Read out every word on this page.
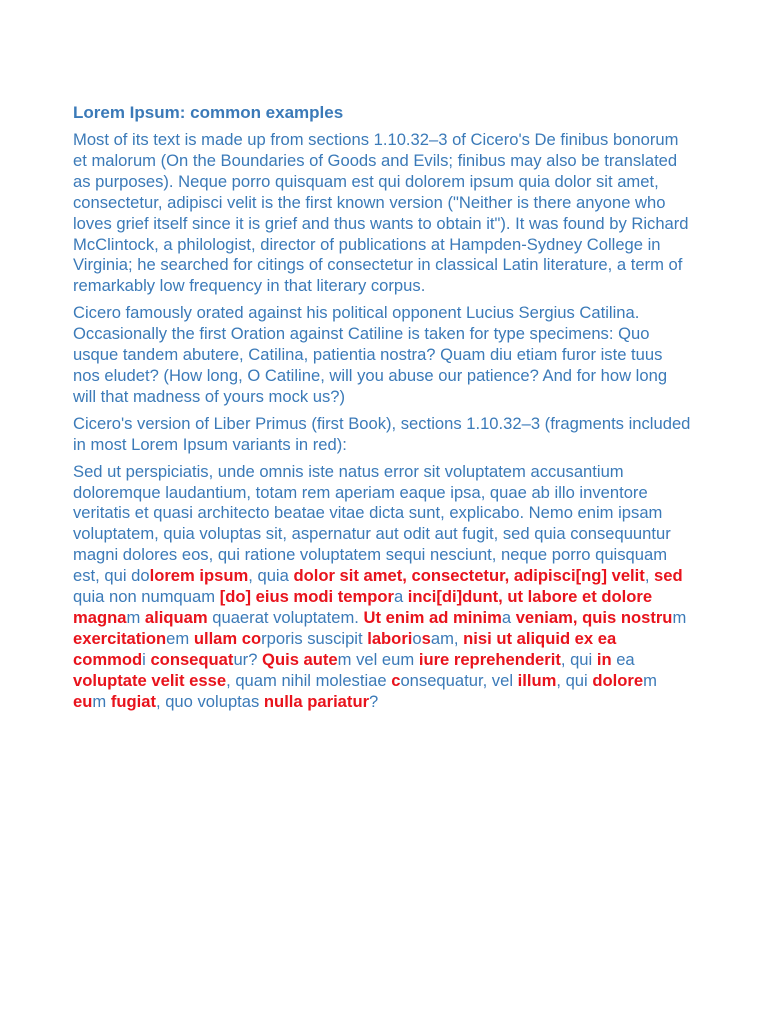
Lorem Ipsum: common examples

Most of its text is made up from sections 1.10.32–3 of Cicero's De finibus bonorum et malorum (On the Boundaries of Goods and Evils; finibus may also be translated as purposes). Neque porro quisquam est qui dolorem ipsum quia dolor sit amet, consectetur, adipisci velit is the first known version ("Neither is there anyone who loves grief itself since it is grief and thus wants to obtain it"). It was found by Richard McClintock, a philologist, director of publications at Hampden-Sydney College in Virginia; he searched for citings of consectetur in classical Latin literature, a term of remarkably low frequency in that literary corpus.

Cicero famously orated against his political opponent Lucius Sergius Catilina. Occasionally the first Oration against Catiline is taken for type specimens: Quo usque tandem abutere, Catilina, patientia nostra? Quam diu etiam furor iste tuus nos eludet? (How long, O Catiline, will you abuse our patience? And for how long will that madness of yours mock us?)

Cicero's version of Liber Primus (first Book), sections 1.10.32–3 (fragments included in most Lorem Ipsum variants in red):

Sed ut perspiciatis, unde omnis iste natus error sit voluptatem accusantium doloremque laudantium, totam rem aperiam eaque ipsa, quae ab illo inventore veritatis et quasi architecto beatae vitae dicta sunt, explicabo. Nemo enim ipsam voluptatem, quia voluptas sit, aspernatur aut odit aut fugit, sed quia consequuntur magni dolores eos, qui ratione voluptatem sequi nesciunt, neque porro quisquam est, qui dolorem ipsum, quia dolor sit amet, consectetur, adipisci[ng] velit, sed quia non numquam [do] eius modi tempora inci[di]dunt, ut labore et dolore magnam aliquam quaerat voluptatem. Ut enim ad minima veniam, quis nostrum exercitationem ullam corporis suscipit laboriosam, nisi ut aliquid ex ea commodi consequatur? Quis autem vel eum iure reprehenderit, qui in ea voluptate velit esse, quam nihil molestiae consequatur, vel illum, qui dolorem eum fugiat, quo voluptas nulla pariatur?
